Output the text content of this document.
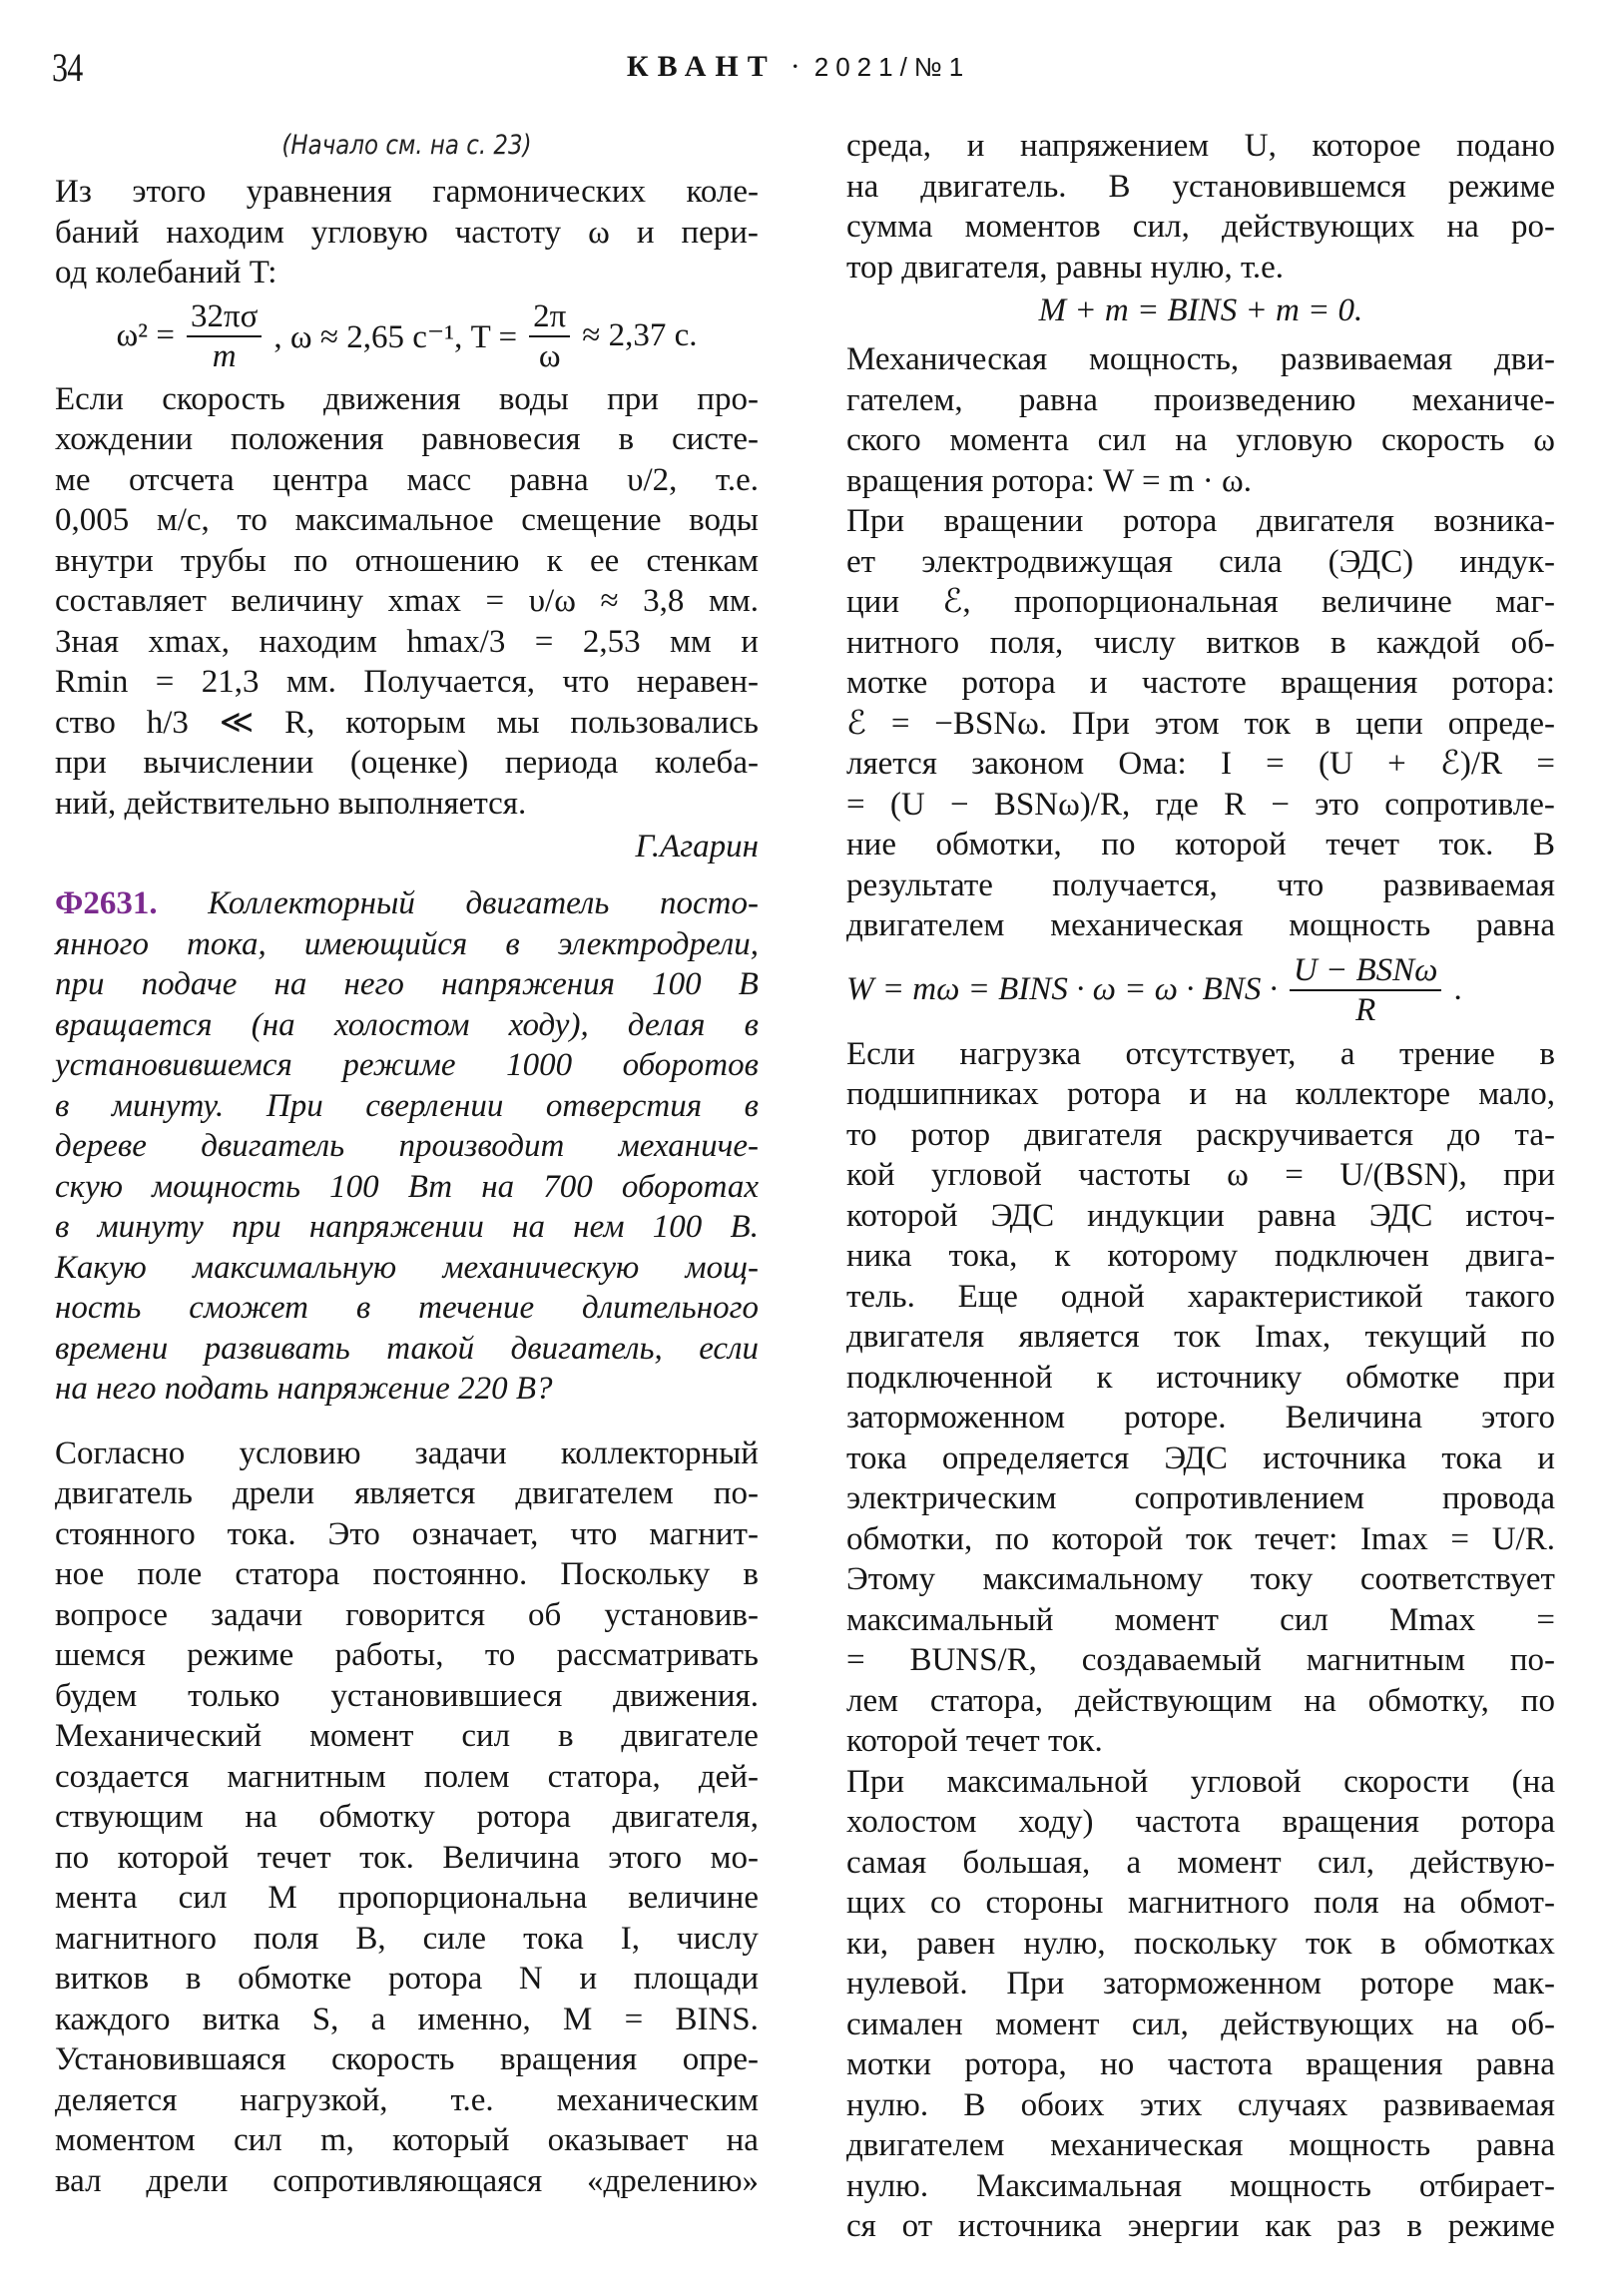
34	КВАНТ · 2021/№1
(Начало см. на с. 23)
Из этого уравнения гармонических коле-
баний находим угловую частоту ω и пери-
од колебаний T:
$\omega^2 = \frac{32\pi\sigma}{m}$ , ω ≈ 2,65 с⁻¹, $T = \frac{2\pi}{\omega} \approx 2,37$ с.
Если скорость движения воды при про-
хождении положения равновесия в систе-
ме отсчета центра масс равна υ/2, т.е.
0,005 м/с, то максимальное смещение воды
внутри трубы по отношению к ее стенкам
составляет величину xmax = υ/ω ≈ 3,8 мм.
Зная xmax, находим hmax/3 = 2,53 мм и
Rmin = 21,3 мм. Получается, что неравен-
ство h/3 ≪ R, которым мы пользовались
при вычислении (оценке) периода колеба-
ний, действительно выполняется.
Г.Агарин
Ф2631. Коллекторный двигатель посто-
янного тока, имеющийся в электродрели,
при подаче на него напряжения 100 В
вращается (на холостом ходу), делая в
установившемся режиме 1000 оборотов
в минуту. При сверлении отверстия в
дереве двигатель производит механиче-
скую мощность 100 Вт на 700 оборотах
в минуту при напряжении на нем 100 В.
Какую максимальную механическую мощ-
ность сможет в течение длительного
времени развивать такой двигатель, если
на него подать напряжение 220 В?
Согласно условию задачи коллекторный
двигатель дрели является двигателем по-
стоянного тока. Это означает, что магнит-
ное поле статора постоянно. Поскольку в
вопросе задачи говорится об установив-
шемся режиме работы, то рассматривать
будем только установившиеся движения.
Механический момент сил в двигателе
создается магнитным полем статора, дей-
ствующим на обмотку ротора двигателя,
по которой течет ток. Величина этого мо-
мента сил M пропорциональна величине
магнитного поля B, силе тока I, числу
витков в обмотке ротора N и площади
каждого витка S, а именно, M = BINS.
Установившаяся скорость вращения опре-
деляется нагрузкой, т.е. механическим
моментом сил m, который оказывает на
вал дрели сопротивляющаяся «дрелению»
среда, и напряжением U, которое подано
на двигатель. В установившемся режиме
сумма моментов сил, действующих на ро-
тор двигателя, равны нулю, т.е.
M + m = BINS + m = 0.
Механическая мощность, развиваемая дви-
гателем, равна произведению механиче-
ского момента сил на угловую скорость ω
вращения ротора: W = m · ω.
При вращении ротора двигателя возника-
ет электродвижущая сила (ЭДС) индук-
ции ℰ, пропорциональная величине маг-
нитного поля, числу витков в каждой об-
мотке ротора и частоте вращения ротора:
ℰ = −BSNω. При этом ток в цепи опреде-
ляется законом Ома: I = (U + ℰ)/R =
= (U − BSNω)/R, где R − это сопротивле-
ние обмотки, по которой течет ток. В
результате получается, что развиваемая
двигателем механическая мощность равна
W = mω = BINS · ω = ω · BNS · $\frac{\text{U − BSNω}}{R}$ .
Если нагрузка отсутствует, а трение в
подшипниках ротора и на коллекторе мало,
то ротор двигателя раскручивается до та-
кой угловой частоты ω = U/(BSN), при
которой ЭДС индукции равна ЭДС источ-
ника тока, к которому подключен двига-
тель. Еще одной характеристикой такого
двигателя является ток Imax, текущий по
подключенной к источнику обмотке при
заторможенном роторе. Величина этого
тока определяется ЭДС источника тока и
электрическим сопротивлением провода
обмотки, по которой ток течет: Imax = U/R.
Этому максимальному току соответствует
максимальный момент сил Mmax =
= BUNS/R, создаваемый магнитным по-
лем статора, действующим на обмотку, по
которой течет ток.
При максимальной угловой скорости (на
холостом ходу) частота вращения ротора
самая большая, а момент сил, действую-
щих со стороны магнитного поля на обмот-
ки, равен нулю, поскольку ток в обмотках
нулевой. При заторможенном роторе мак-
симален момент сил, действующих на об-
мотки ротора, но частота вращения равна
нулю. В обоих этих случаях развиваемая
двигателем механическая мощность равна
нулю. Максимальная мощность отбирает-
ся от источника энергии как раз в режиме
